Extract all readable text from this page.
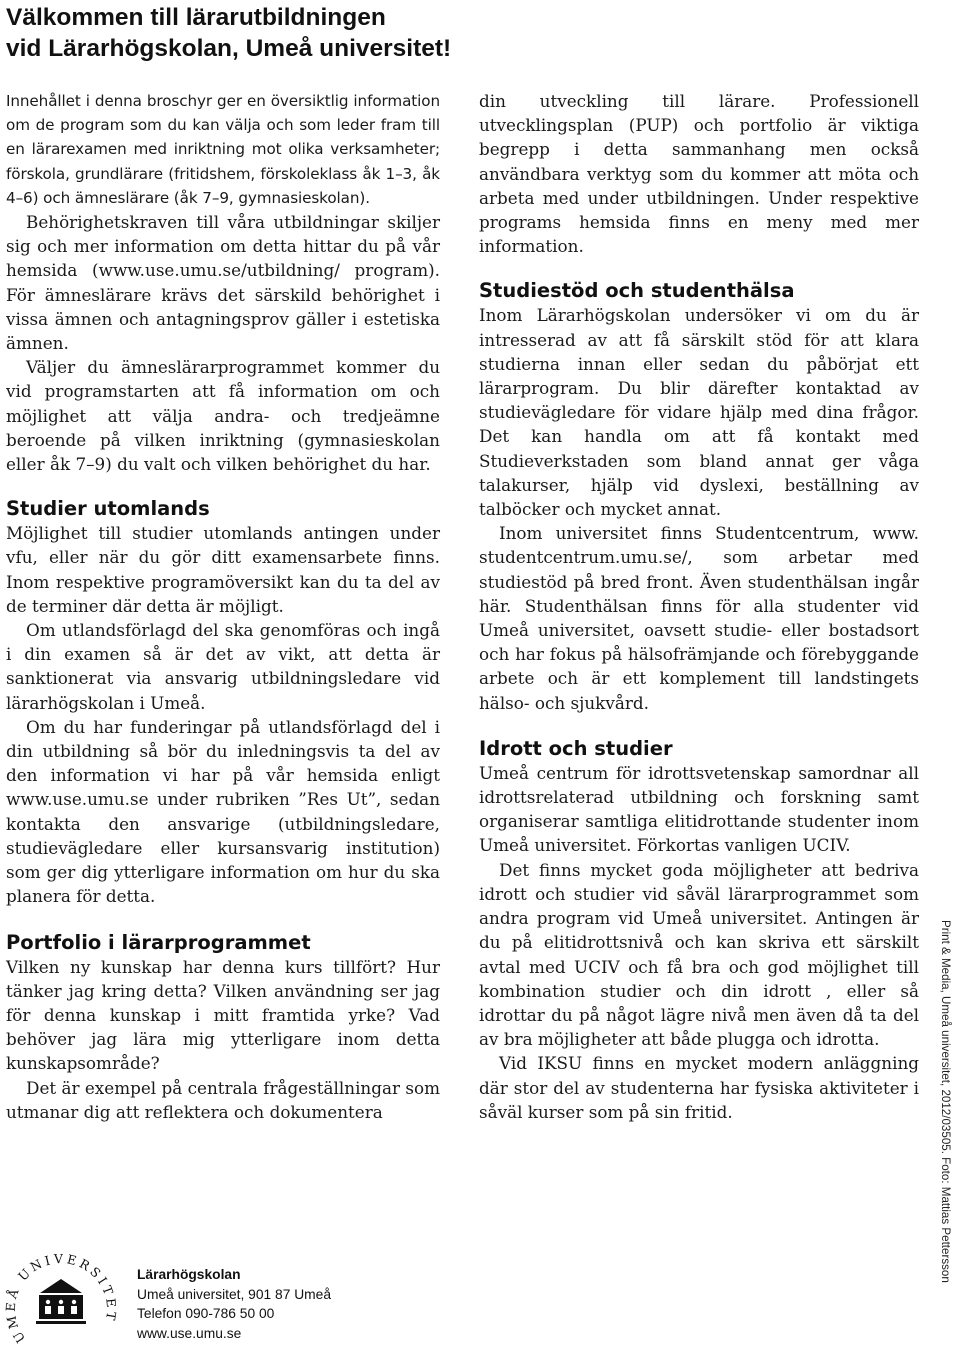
Välkommen till lärarutbildningen
vid Lärarhögskolan, Umeå universitet!

Innehållet i denna broschyr ger en översiktlig information om de program som du kan välja och som leder fram till en lärarexamen med inriktning mot olika verksamheter; förskola, grundlärare (fritidshem, förskoleklass åk 1–3, åk 4–6) och ämneslärare (åk 7–9, gymnasieskolan).

Behörighetskraven till våra utbildningar skiljer sig och mer information om detta hittar du på vår hemsida (www.use.umu.se/utbildning/ program). För ämneslärare krävs det särskild behörighet i vissa ämnen och antagningsprov gäller i estetiska ämnen.

Väljer du ämneslärarprogrammet kommer du vid programstarten att få information om och möjlighet att välja andra- och tredjeämne beroende på vilken inriktning (gymnasieskolan eller åk 7–9) du valt och vilken behörighet du har.

Studier utomlands

Möjlighet till studier utomlands antingen under vfu, eller när du gör ditt examensarbete finns. Inom respektive programöversikt kan du ta del av de terminer där detta är möjligt.

Om utlandsförlagd del ska genomföras och ingå i din examen så är det av vikt, att detta är sanktionerat via ansvarig utbildningsledare vid lärarhögskolan i Umeå.

Om du har funderingar på utlandsförlagd del i din utbildning så bör du inledningsvis ta del av den information vi har på vår hemsida enligt www.use.umu.se under rubriken ”Res Ut”, sedan kontakta den ansvarige (utbildningsledare, studievägledare eller kursansvarig institution) som ger dig ytterligare information om hur du ska planera för detta.

Portfolio i lärarprogrammet

Vilken ny kunskap har denna kurs tillfört? Hur tänker jag kring detta? Vilken användning ser jag för denna kunskap i mitt framtida yrke? Vad behöver jag lära mig ytterligare inom detta kunskapsområde?

Det är exempel på centrala frågeställningar som utmanar dig att reflektera och dokumentera

din utveckling till lärare. Professionell utvecklingsplan (PUP) och portfolio är viktiga begrepp i detta sammanhang men också användbara verktyg som du kommer att möta och arbeta med under utbildningen. Under respektive programs hemsida finns en meny med mer information.

Studiestöd och studenthälsa

Inom Lärarhögskolan undersöker vi om du är intresserad av att få särskilt stöd för att klara studierna innan eller sedan du påbörjat ett lärarprogram. Du blir därefter kontaktad av studievägledare för vidare hjälp med dina frågor. Det kan handla om att få kontakt med Studieverkstaden som bland annat ger våga talakurser, hjälp vid dyslexi, beställning av talböcker och mycket annat.

Inom universitet finns Studentcentrum, www. studentcentrum.umu.se/, som arbetar med studiestöd på bred front. Även studenthälsan ingår här. Studenthälsan finns för alla studenter vid Umeå universitet, oavsett studie- eller bostadsort och har fokus på hälsofrämjande och förebyggande arbete och är ett komplement till landstingets hälso- och sjukvård.

Idrott och studier

Umeå centrum för idrottsvetenskap samordnar all idrottsrelaterad utbildning och forskning samt organiserar samtliga elitidrottande studenter inom Umeå universitet. Förkortas vanligen UCIV.

Det finns mycket goda möjligheter att bedriva idrott och studier vid såväl lärarprogrammet som andra program vid Umeå universitet. Antingen är du på elitidrottsnivå och kan skriva ett särskilt avtal med UCIV och få bra och god möjlighet till kombination studier och din idrott , eller så idrottar du på något lägre nivå men även då ta del av bra möjligheter att både plugga och idrotta.

Vid IKSU finns en mycket modern anläggning där stor del av studenterna har fysiska aktiviteter i såväl kurser som på sin fritid.

UMEÅ UNIVERSITET
Lärarhögskolan
Umeå universitet, 901 87 Umeå
Telefon 090-786 50 00
www.use.umu.se
Print & Media, Umeå universitet, 2012/03505. Foto: Mattias Pettersson
